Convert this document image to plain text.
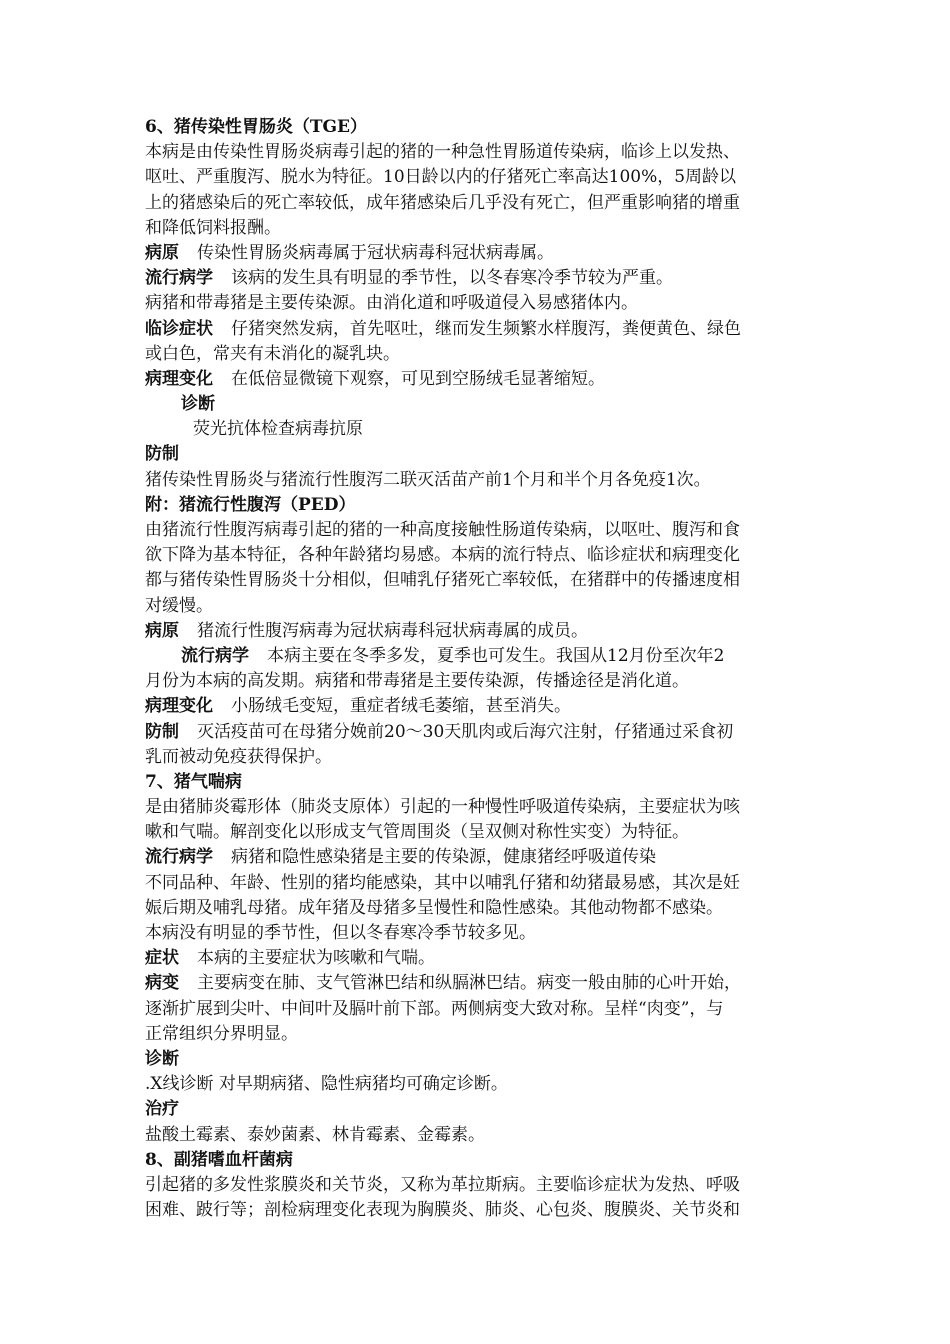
6、猪传染性胃肠炎（TGE）
本病是由传染性胃肠炎病毒引起的猪的一种急性胃肠道传染病，临诊上以发热、
呕吐、严重腹泻、脱水为特征。10日龄以内的仔猪死亡率高达100%，5周龄以
上的猪感染后的死亡率较低，成年猪感染后几乎没有死亡，但严重影响猪的增重
和降低饲料报酬。
病原 传染性胃肠炎病毒属于冠状病毒科冠状病毒属。
流行病学 该病的发生具有明显的季节性，以冬春寒冷季节较为严重。
病猪和带毒猪是主要传染源。由消化道和呼吸道侵入易感猪体内。
临诊症状 仔猪突然发病，首先呕吐，继而发生频繁水样腹泻，粪便黄色、绿色
或白色，常夹有未消化的凝乳块。
病理变化 在低倍显微镜下观察，可见到空肠绒毛显著缩短。
诊断
荧光抗体检查病毒抗原
防制
猪传染性胃肠炎与猪流行性腹泻二联灭活苗产前1个月和半个月各免疫1次。
附：猪流行性腹泻（PED）
由猪流行性腹泻病毒引起的猪的一种高度接触性肠道传染病，以呕吐、腹泻和食
欲下降为基本特征，各种年龄猪均易感。本病的流行特点、临诊症状和病理变化
都与猪传染性胃肠炎十分相似，但哺乳仔猪死亡率较低，在猪群中的传播速度相
对缓慢。
病原 猪流行性腹泻病毒为冠状病毒科冠状病毒属的成员。
流行病学 本病主要在冬季多发，夏季也可发生。我国从12月份至次年2
月份为本病的高发期。病猪和带毒猪是主要传染源，传播途径是消化道。
病理变化 小肠绒毛变短，重症者绒毛萎缩，甚至消失。
防制 灭活疫苗可在母猪分娩前20～30天肌肉或后海穴注射，仔猪通过采食初
乳而被动免疫获得保护。
7、猪气喘病
是由猪肺炎霉形体（肺炎支原体）引起的一种慢性呼吸道传染病，主要症状为咳
嗽和气喘。解剖变化以形成支气管周围炎（呈双侧对称性实变）为特征。
流行病学 病猪和隐性感染猪是主要的传染源，健康猪经呼吸道传染
不同品种、年龄、性别的猪均能感染，其中以哺乳仔猪和幼猪最易感，其次是妊
娠后期及哺乳母猪。成年猪及母猪多呈慢性和隐性感染。其他动物都不感染。
本病没有明显的季节性，但以冬春寒冷季节较多见。
症状 本病的主要症状为咳嗽和气喘。
病变 主要病变在肺、支气管淋巴结和纵膈淋巴结。病变一般由肺的心叶开始，
逐渐扩展到尖叶、中间叶及膈叶前下部。两侧病变大致对称。呈样“肉变”，与
正常组织分界明显。
诊断
.X线诊断 对早期病猪、隐性病猪均可确定诊断。
治疗
盐酸土霉素、泰妙菌素、林肯霉素、金霉素。
8、副猪嗜血杆菌病
引起猪的多发性浆膜炎和关节炎，又称为革拉斯病。主要临诊症状为发热、呼吸
困难、跛行等；剖检病理变化表现为胸膜炎、肺炎、心包炎、腹膜炎、关节炎和
